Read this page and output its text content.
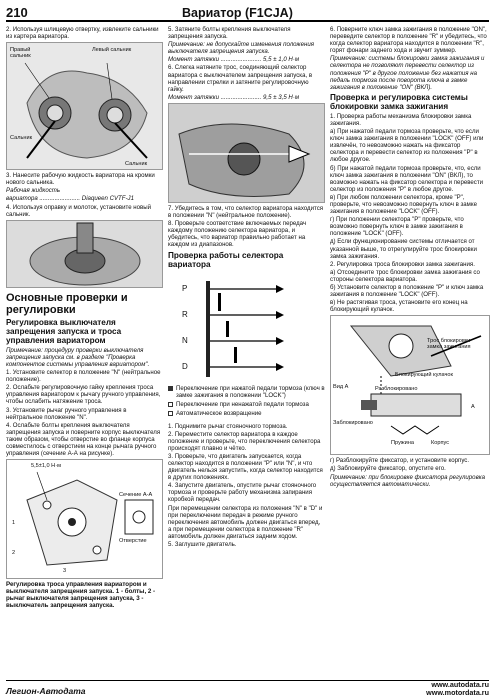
210	Вариатор (F1CJA)

2. Используя шлицевую отвертку, извлеките сальники из картера вариатора.

Правый сальник
Левый сальник
Сальник
Сальник

3. Нанесите рабочую жидкость вариатора на кромки нового сальника.

Рабочая жидкость

вариатора ........................ Diaqueen CVTF-J1

4. Используя оправку и молоток, установите новый сальник.

Основные проверки и регулировки
Регулировка выключателя запрещения запуска и троса управления вариатором

Примечание: процедуру проверки выключателя запрещения запуска см. в разделе "Проверка компонентов системы управления вариатором".

1. Установите селектор в положение "N" (нейтральное положение).

2. Ослабьте регулировочную гайку крепления троса управления вариатором к рычагу ручного управления, чтобы ослабить натяжение троса.

3. Установите рычаг ручного управления в нейтральное положение "N".

4. Ослабьте болты крепления выключателя запрещения запуска и поверните корпус выключателя таким образом, чтобы отверстие во фланце корпуса совместилось с отверстием на конце рычага ручного управления (сечение А-А на рисунке).

5,5±1,0 Н·м
Сечение А-А
Отверстие
1
2
3

Регулировка троса управления вариатором и выключателя запрещения запуска. 1 - болты, 2 - рычаг выключателя запрещения запуска, 3 - выключатель запрещения запуска.

5. Затяните болты крепления выключателя запрещения запуска.

Примечание: не допускайте изменения положения выключателя запрещения запуска.

Момент затяжки ........................ 5,5 ± 1,0 Н·м

6. Слегка натяните трос, соединяющий селектор вариатора с выключателем запрещения запуска, в направлении стрелки и затяните регулировочную гайку.

Момент затяжки ........................ 9,5 ± 3,5 Н·м

7. Убедитесь в том, что селектор вариатора находится в положении "N" (нейтральное положение).

8. Проверьте соответствие включаемых передач каждому положению селектора вариатора, и убедитесь, что вариатор правильно работает на каждом из диапазонов.

Проверка работы селектора вариатора
P
R
N
D
Переключение при нажатой педали тормоза (ключ в замке зажигания в положении "LOCK")
Переключение при ненажатой педали тормоза
Автоматическое возвращение

1. Поднимите рычаг стояночного тормоза.

2. Переместите селектор вариатора в каждое положение и проверьте, что переключения селектора происходят плавно и чётко.

3. Проверьте, что двигатель запускается, когда селектор находится в положении "P" или "N", и что двигатель нельзя запустить, когда селектор находится в других положениях.

4. Запустите двигатель, опустите рычаг стояночного тормоза и проверьте работу механизма запирания коробкой передач.

При перемещении селектора из положения "N" в "D" и при переключении передач в режиме ручного переключения автомобиль должен двигаться вперед, а при перемещении селектора в положение "R" автомобиль должен двигаться задним ходом.

5. Заглушите двигатель.

6. Поверните ключ замка зажигания в положение "ON", переведите селектор в положение "R" и убедитесь, что когда селектор вариатора находится в положении "R", горят фонари заднего хода и звучит зуммер.

Примечание: системы блокировки замка зажигания и селектора не позволяют перевести селектор из положения "P" в другое положение без нажатия на педаль тормоза после поворота ключа в замке зажигания в положение "ON" (ВКЛ).

Проверка и регулировка системы блокировки замка зажигания

1. Проверка работы механизма блокировки замка зажигания.

а) При нажатой педали тормоза проверьте, что если ключ замка зажигания в положении "LOCK" (OFF) или извлечён, то невозможно нажать на фиксатор селектора и перевести селектор из положения "P" в любое другое.

б) При нажатой педали тормоза проверьте, что, если ключ замка зажигания в положении "ON" (ВКЛ), то возможно нажать на фиксатор селектора и перевести селектор из положения "P" в любое другое.

в) При любом положении селектора, кроме "P", проверьте, что невозможно повернуть ключ в замке зажигания в положение "LOCK" (OFF).

г) При положении селектора "P" проверьте, что возможно повернуть ключ в замке зажигания в положение "LOCK" (OFF).

д) Если функционирование системы отличается от указанной выше, то отрегулируйте трос блокировки замка зажигания.

2. Регулировка троса блокировки замка зажигания.

а) Отсоедините трос блокировки замка зажигания со стороны селектора вариатора.

б) Установите селектор в положение "P" и ключ замка зажигания в положение "LOCK" (OFF).

в) Не растягивая троса, установите его конец на блокирующий кулачок.

Трос блокировки замка зажигания
Блокирующий кулачок
Вид А	Разблокировано
Заблокировано
А
Пружина	Корпус

г) Разблокируйте фиксатор, и установите корпус.

д) Заблокируйте фиксатор, опустите его.

Примечание: при блокировке фиксатора регулировка осуществляется автоматически.

Легион-Автодата
www.autodata.ru
www.motordata.ru
